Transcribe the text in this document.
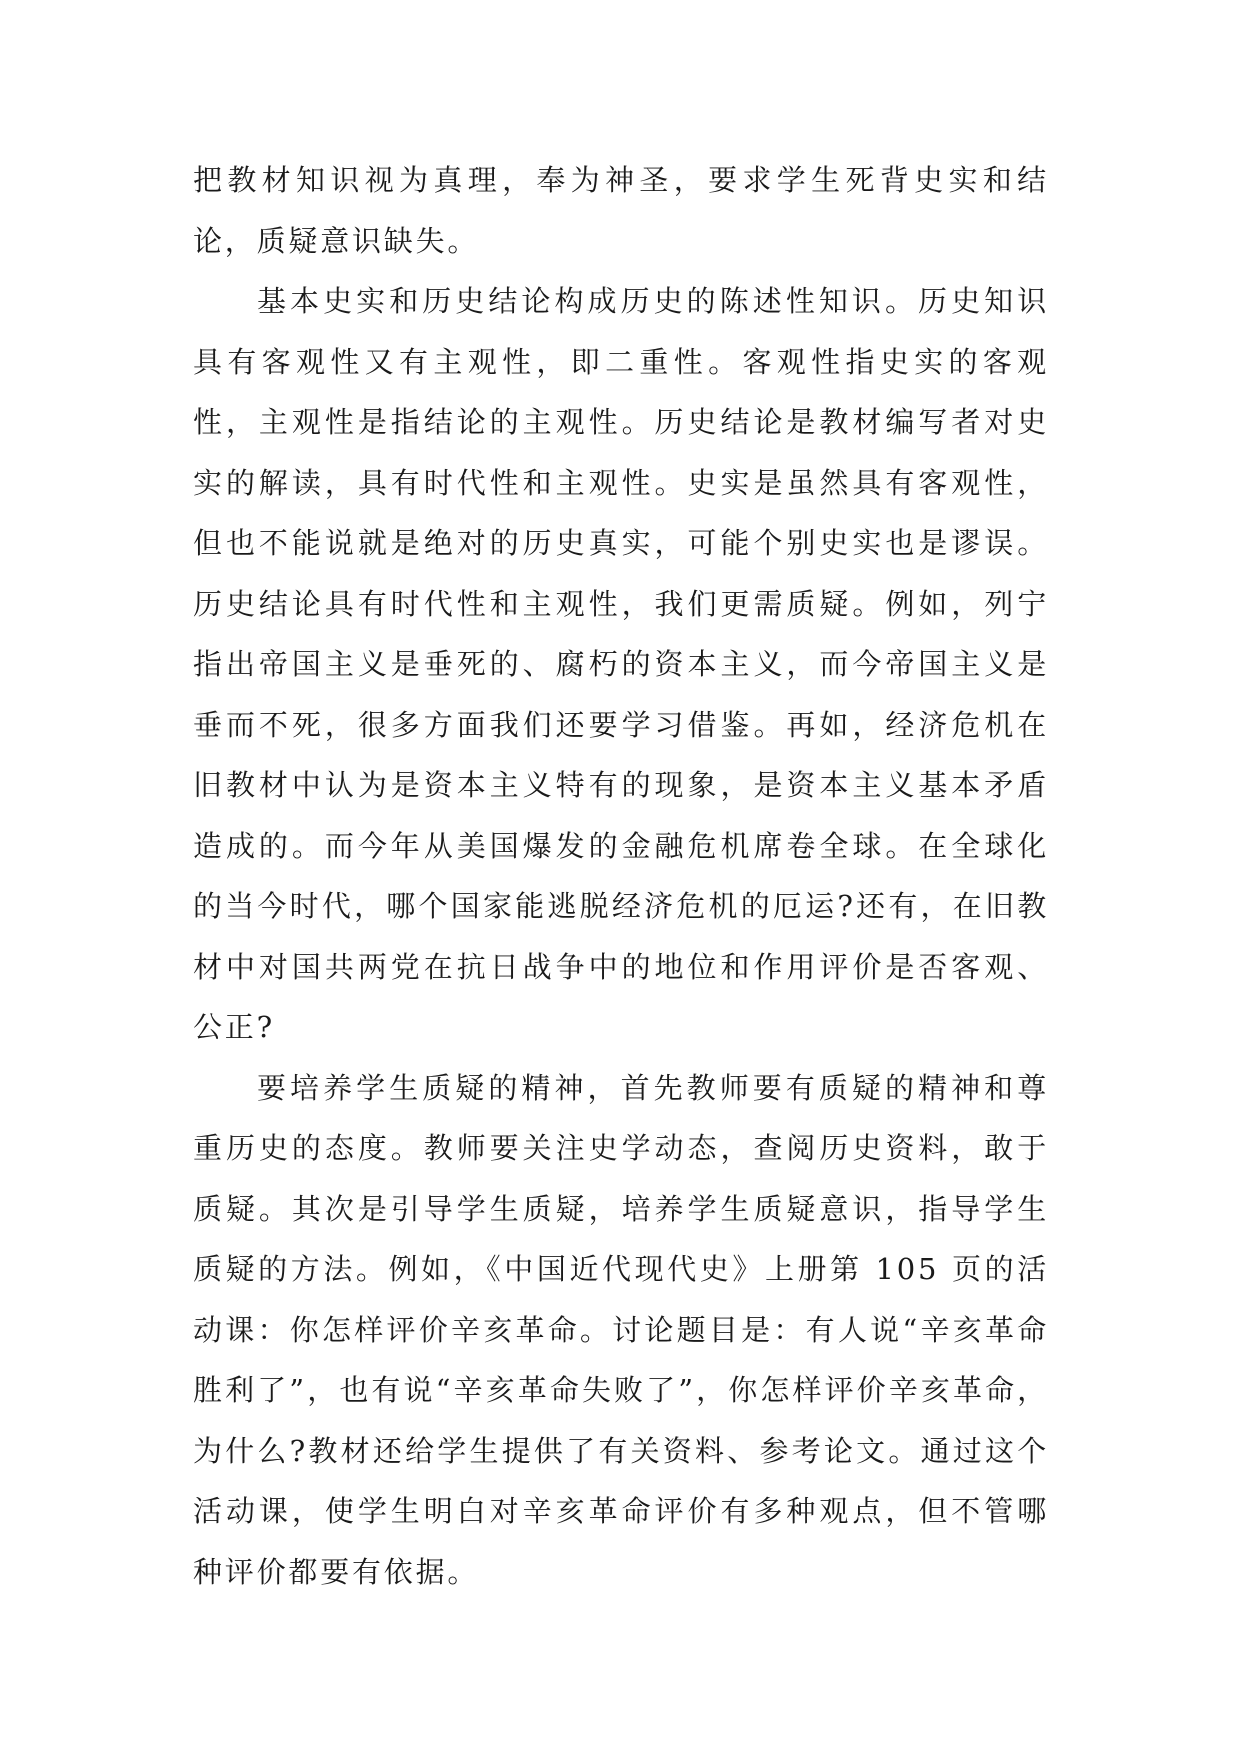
把教材知识视为真理，奉为神圣，要求学生死背史实和结论，质疑意识缺失。

基本史实和历史结论构成历史的陈述性知识。历史知识具有客观性又有主观性，即二重性。客观性指史实的客观性，主观性是指结论的主观性。历史结论是教材编写者对史实的解读，具有时代性和主观性。史实是虽然具有客观性，但也不能说就是绝对的历史真实，可能个别史实也是谬误。历史结论具有时代性和主观性，我们更需质疑。例如，列宁指出帝国主义是垂死的、腐朽的资本主义，而今帝国主义是垂而不死，很多方面我们还要学习借鉴。再如，经济危机在旧教材中认为是资本主义特有的现象，是资本主义基本矛盾造成的。而今年从美国爆发的金融危机席卷全球。在全球化的当今时代，哪个国家能逃脱经济危机的厄运?还有，在旧教材中对国共两党在抗日战争中的地位和作用评价是否客观、公正?

要培养学生质疑的精神，首先教师要有质疑的精神和尊重历史的态度。教师要关注史学动态，查阅历史资料，敢于质疑。其次是引导学生质疑，培养学生质疑意识，指导学生质疑的方法。例如，《中国近代现代史》上册第 105 页的活动课：你怎样评价辛亥革命。讨论题目是：有人说“辛亥革命胜利了”，也有说“辛亥革命失败了”，你怎样评价辛亥革命，为什么?教材还给学生提供了有关资料、参考论文。通过这个活动课，使学生明白对辛亥革命评价有多种观点，但不管哪种评价都要有依据。
